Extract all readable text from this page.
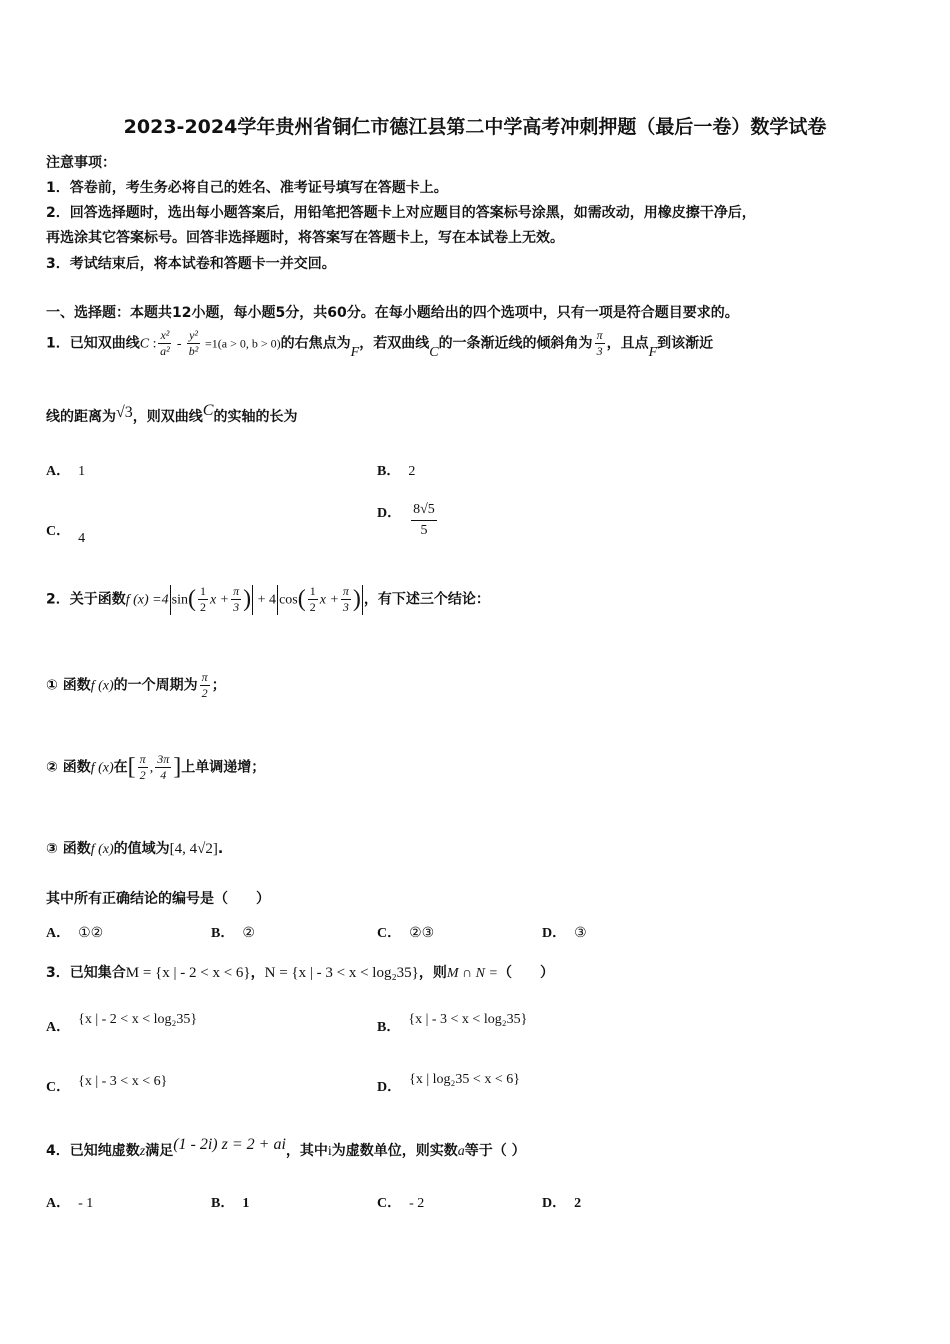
2023-2024学年贵州省铜仁市德江县第二中学高考冲刺押题（最后一卷）数学试卷
注意事项：
1．答卷前，考生务必将自己的姓名、准考证号填写在答题卡上。
2．回答选择题时，选出每小题答案后，用铅笔把答题卡上对应题目的答案标号涂黑，如需改动，用橡皮擦干净后，
再选涂其它答案标号。回答非选择题时，将答案写在答题卡上，写在本试卷上无效。
3．考试结束后，将本试卷和答题卡一并交回。
一、选择题：本题共12小题，每小题5分，共60分。在每小题给出的四个选项中，只有一项是符合题目要求的。
1．已知双曲线C : $\frac{\text{x²}}{\text{a²}} - \frac{\text{y²}}{\text{b²}} =1(a > 0$, b > 0)的右焦点为F，若双曲线C的一条渐近线的倾斜角为 $\frac{\pi}{3}$ ，且点F到该渐近
线的距离为√3，则双曲线C的实轴的长为
A． 1	B． 2
C． 4
D． $\frac{8√5}{5}$
2．关于函数f (x) =4 $\sin( \frac{1}{2}$ $x + \frac{\pi}{3}$ ) + 4 $\cos( \frac{1}{2}$ $x + \frac{\pi}{3}$ ) ，有下述三个结论：
① 函数f (x)的一个周期为 $\frac{\pi}{2}$ ；
② 函数f (x)在[ $\frac{\pi}{2}$ , $\frac{3\pi}{4}$ ]上单调递增；
③ 函数f (x)的值域为[4, 4√2].
其中所有正确结论的编号是（　　）
A． ①②	B． ②	C． ②③	D． ③
3．已知集合M = {x | - 2 < x < 6}，N = {x | - 3 < x < log₂35}，则M ∩ N =（　　）
A．{x | - 2 < x < log₂35}
B．{x | - 3 < x < log₂35}
C． {x | - 3 < x < 6}	D．{x | log₂35 < x < 6}
4．已知纯虚数z满足(1 - 2i) z = 2 + ai，其中i为虚数单位，则实数a等于（ ）
A． - 1	B． 1	C． - 2	D． 2
